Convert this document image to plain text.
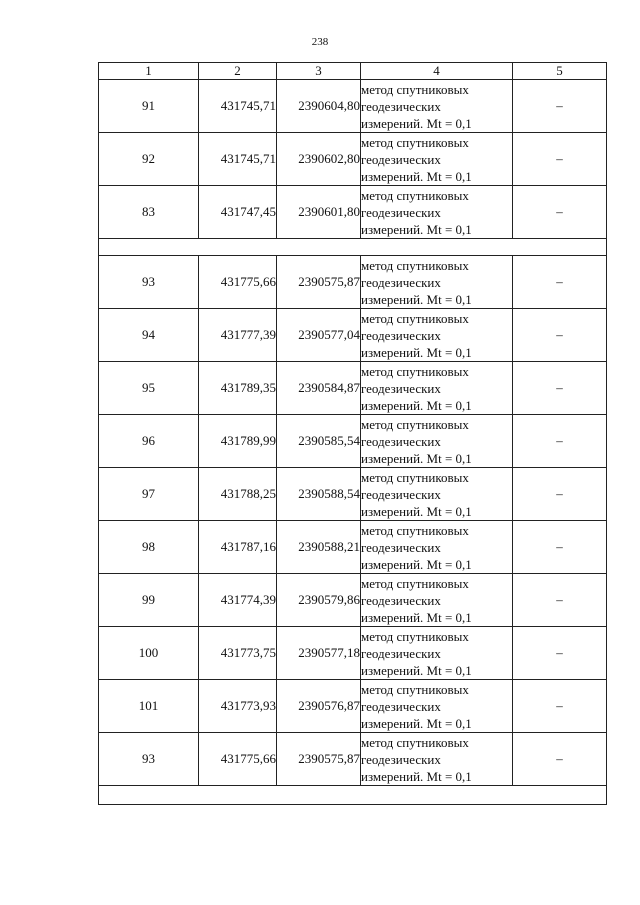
238
1	2	3	4	5
91	431745,71	2390604,80	метод спутниковых
геодезических
измерений. Mt = 0,1	–
92	431745,71	2390602,80	метод спутниковых
геодезических
измерений. Mt = 0,1	–
83	431747,45	2390601,80	метод спутниковых
геодезических
измерений. Mt = 0,1	–

93	431775,66	2390575,87	метод спутниковых
геодезических
измерений. Mt = 0,1	–
94	431777,39	2390577,04	метод спутниковых
геодезических
измерений. Mt = 0,1	–
95	431789,35	2390584,87	метод спутниковых
геодезических
измерений. Mt = 0,1	–
96	431789,99	2390585,54	метод спутниковых
геодезических
измерений. Mt = 0,1	–
97	431788,25	2390588,54	метод спутниковых
геодезических
измерений. Mt = 0,1	–
98	431787,16	2390588,21	метод спутниковых
геодезических
измерений. Mt = 0,1	–
99	431774,39	2390579,86	метод спутниковых
геодезических
измерений. Mt = 0,1	–
100	431773,75	2390577,18	метод спутниковых
геодезических
измерений. Mt = 0,1	–
101	431773,93	2390576,87	метод спутниковых
геодезических
измерений. Mt = 0,1	–
93	431775,66	2390575,87	метод спутниковых
геодезических
измерений. Mt = 0,1	–
